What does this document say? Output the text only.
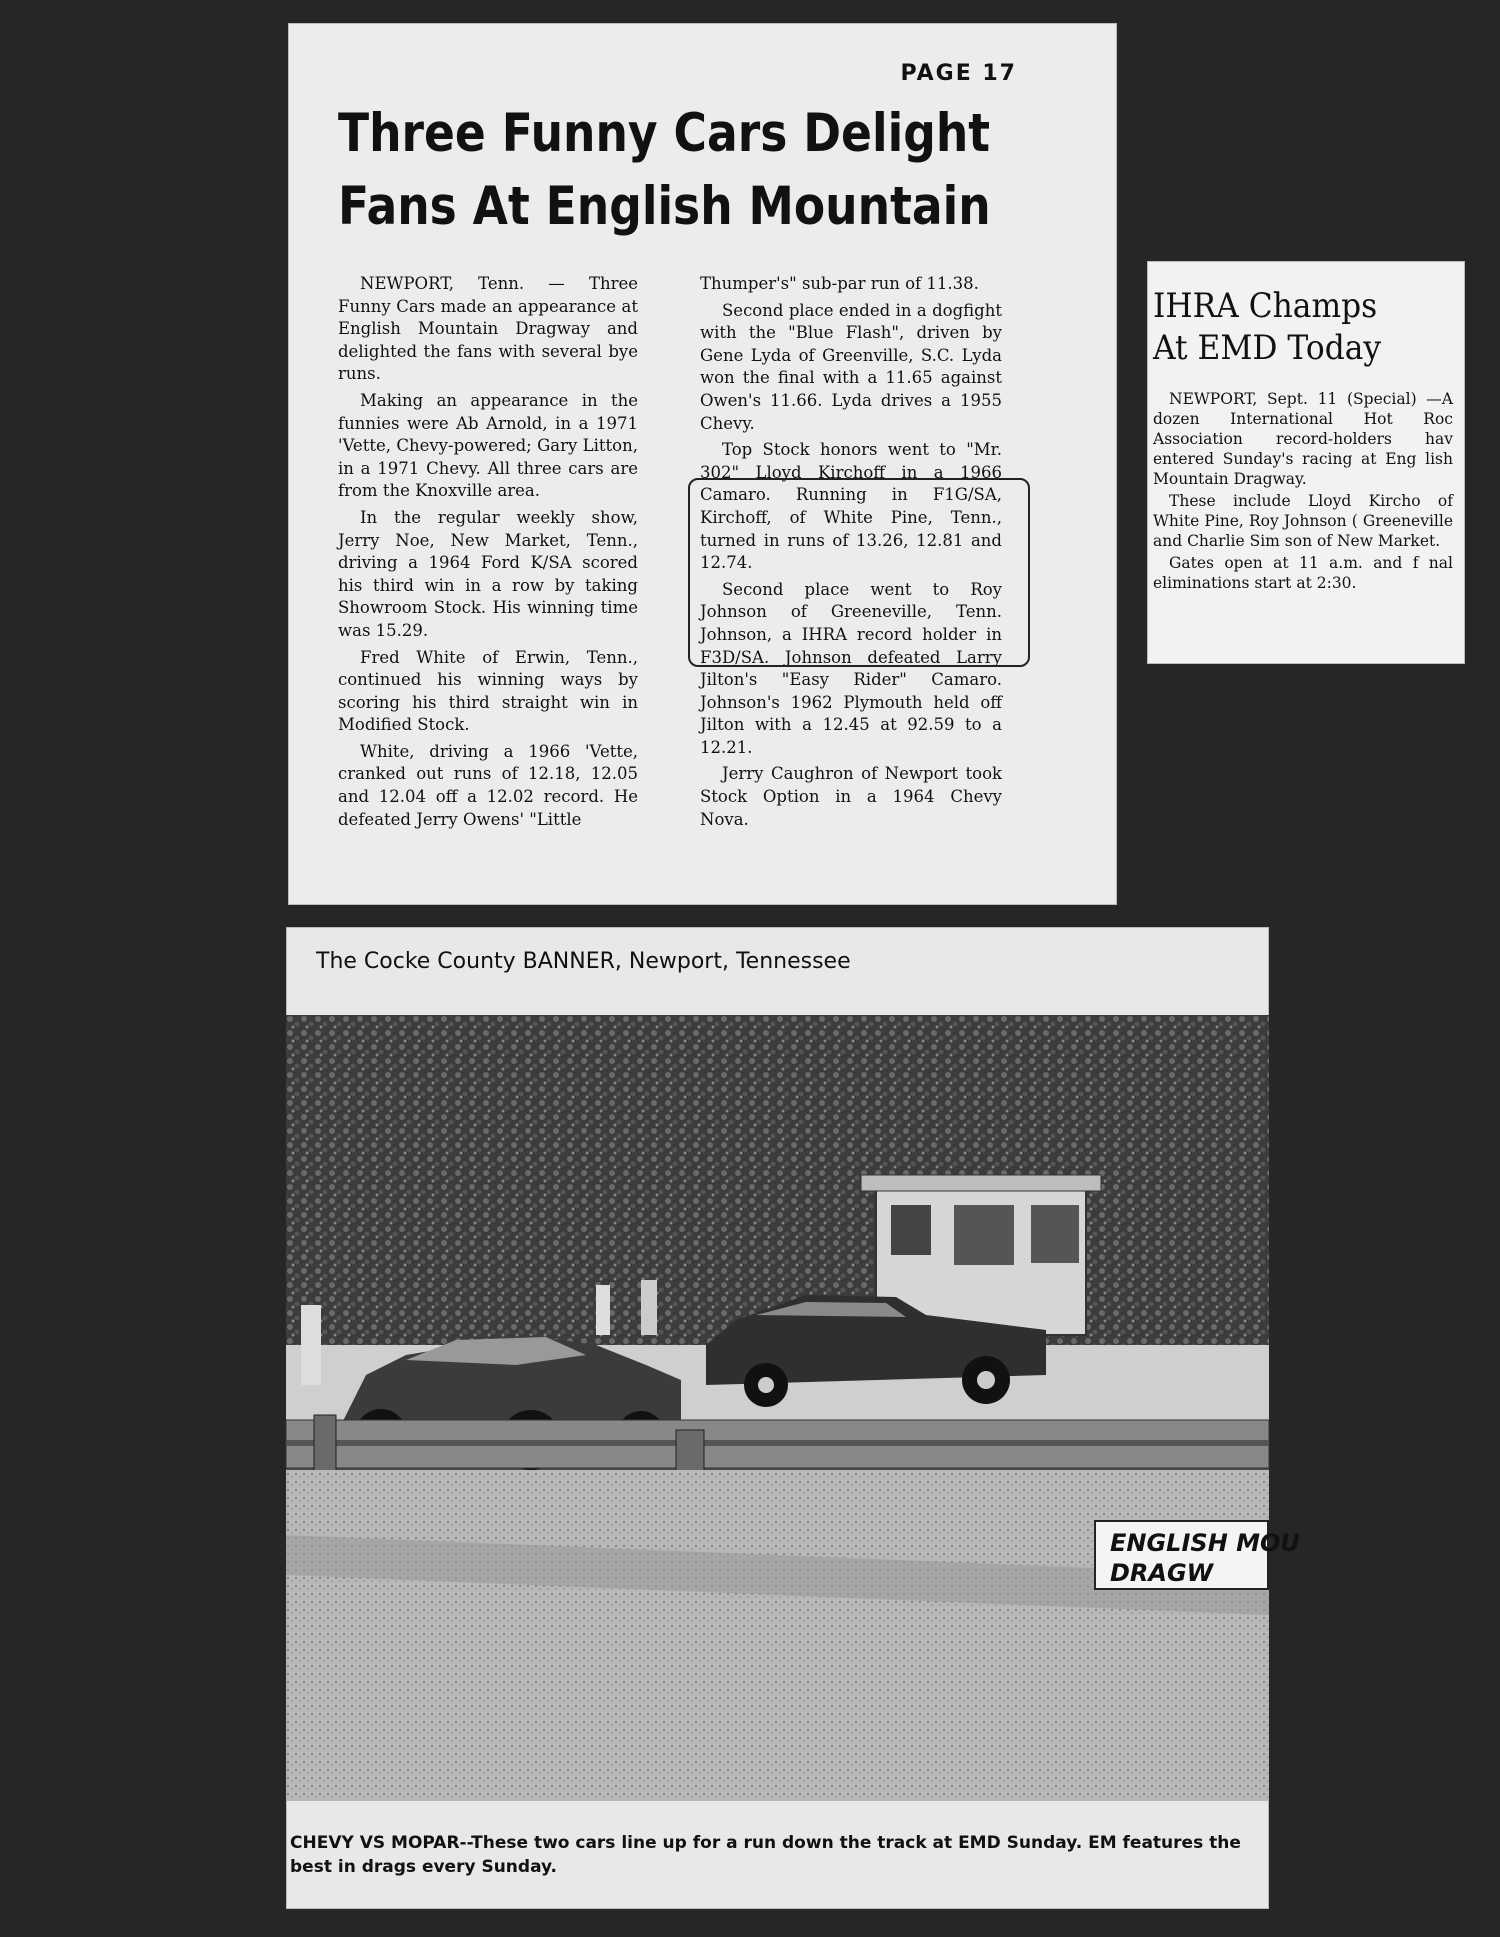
PAGE 17
Three Funny Cars Delight
Fans At English Mountain

NEWPORT, Tenn. — Three Funny Cars made an appearance at English Mountain Dragway and delighted the fans with several bye runs.

Making an appearance in the funnies were Ab Arnold, in a 1971 'Vette, Chevy-powered; Gary Litton, in a 1971 Chevy. All three cars are from the Knoxville area.

In the regular weekly show, Jerry Noe, New Market, Tenn., driving a 1964 Ford K/SA scored his third win in a row by taking Showroom Stock. His winning time was 15.29.

Fred White of Erwin, Tenn., continued his winning ways by scoring his third straight win in Modified Stock.

White, driving a 1966 'Vette, cranked out runs of 12.18, 12.05 and 12.04 off a 12.02 record. He defeated Jerry Owens' "Little

Thumper's" sub-par run of 11.38.

Second place ended in a dogfight with the "Blue Flash", driven by Gene Lyda of Greenville, S.C. Lyda won the final with a 11.65 against Owen's 11.66. Lyda drives a 1955 Chevy.

Top Stock honors went to "Mr. 302" Lloyd Kirchoff in a 1966 Camaro. Running in F1G/SA, Kirchoff, of White Pine, Tenn., turned in runs of 13.26, 12.81 and 12.74.

Second place went to Roy Johnson of Greeneville, Tenn. Johnson, a IHRA record holder in F3D/SA. Johnson defeated Larry Jilton's "Easy Rider" Camaro. Johnson's 1962 Plymouth held off Jilton with a 12.45 at 92.59 to a 12.21.

Jerry Caughron of Newport took Stock Option in a 1964 Chevy Nova.

IHRA Champs
At EMD Today

NEWPORT, Sept. 11 (Special) —A dozen International Hot Roc Association record-holders hav entered Sunday's racing at Eng lish Mountain Dragway.

These include Lloyd Kircho of White Pine, Roy Johnson ( Greeneville and Charlie Sim son of New Market.

Gates open at 11 a.m. and f nal eliminations start at 2:30.

The Cocke County BANNER, Newport, Tennessee
ENGLISH MOU
DRAGW
CHEVY VS MOPAR--These two cars line up for a run down the track at EMD Sunday. EM features the best in drags every Sunday.
